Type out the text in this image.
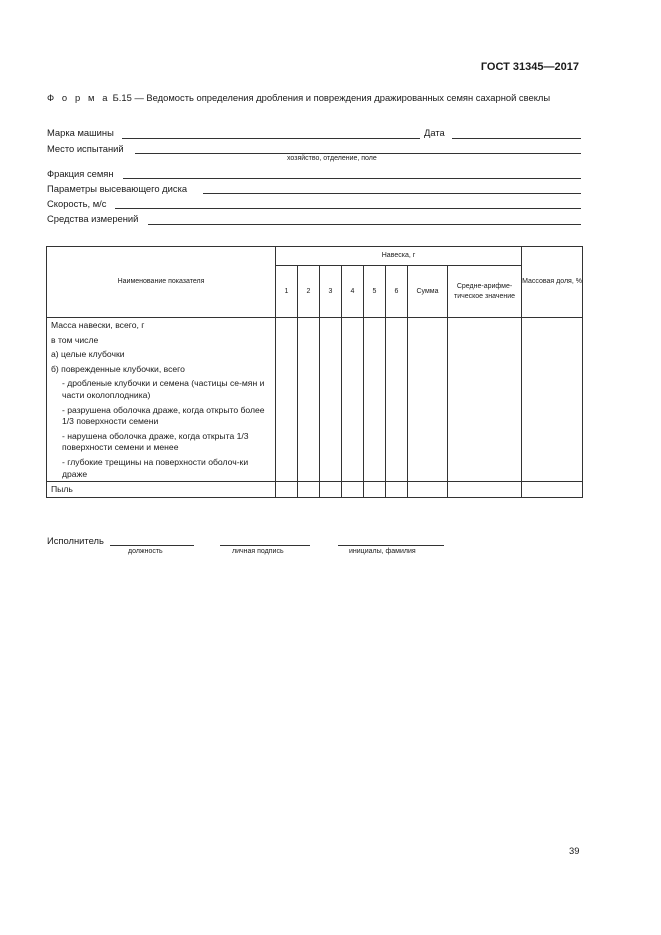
ГОСТ 31345—2017
Ф о р м а Б.15 — Ведомость определения дробления и повреждения дражированных семян сахарной свеклы
Марка машины	Дата
Место испытаний
хозяйство, отделение, поле
Фракция семян
Параметры высевающего диска
Скорость, м/с
Средства измерений
Наименование показателя	Навеска, г								Массовая доля, %
	1	2	3	4	5	6	Сумма	Средне-арифме-тическое значение	
Масса навески, всего, г									
в том числе									
а) целые клубочки									
б) поврежденные клубочки, всего									
- дробленые клубочки и семена (частицы се-мян и части околоплодника)									
- разрушена оболочка драже, когда открыто более 1/3 поверхности семени									
- нарушена оболочка драже, когда открыта 1/3 поверхности семени и менее									
- глубокие трещины на поверхности оболоч-ки драже									
Пыль									
Исполнитель
должность	личная подпись	инициалы, фамилия
39
